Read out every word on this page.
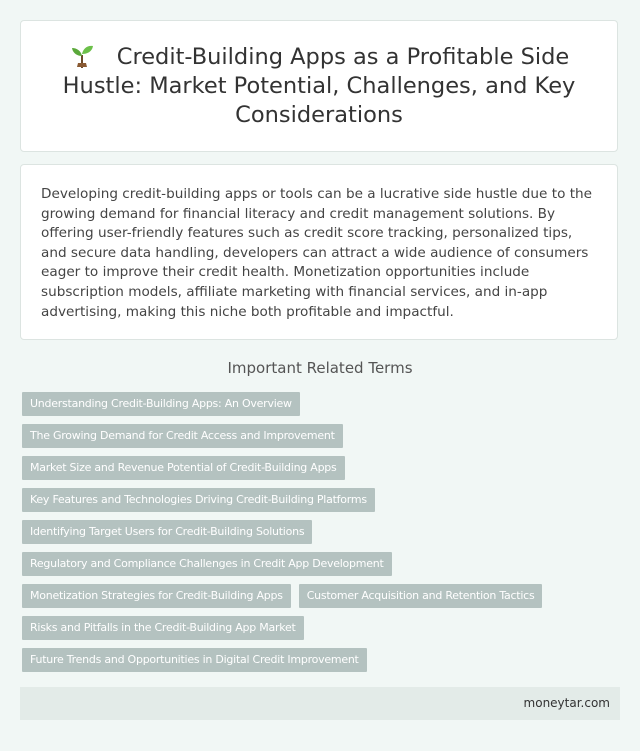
Credit-Building Apps as a Profitable Side Hustle: Market Potential, Challenges, and Key Considerations

Developing credit-building apps or tools can be a lucrative side hustle due to the growing demand for financial literacy and credit management solutions. By offering user-friendly features such as credit score tracking, personalized tips, and secure data handling, developers can attract a wide audience of consumers eager to improve their credit health. Monetization opportunities include subscription models, affiliate marketing with financial services, and in-app advertising, making this niche both profitable and impactful.

Important Related Terms
Understanding Credit-Building Apps: An Overview
The Growing Demand for Credit Access and Improvement
Market Size and Revenue Potential of Credit-Building Apps
Key Features and Technologies Driving Credit-Building Platforms
Identifying Target Users for Credit-Building Solutions
Regulatory and Compliance Challenges in Credit App Development
Monetization Strategies for Credit-Building Apps	Customer Acquisition and Retention Tactics
Risks and Pitfalls in the Credit-Building App Market
Future Trends and Opportunities in Digital Credit Improvement
moneytar.com
